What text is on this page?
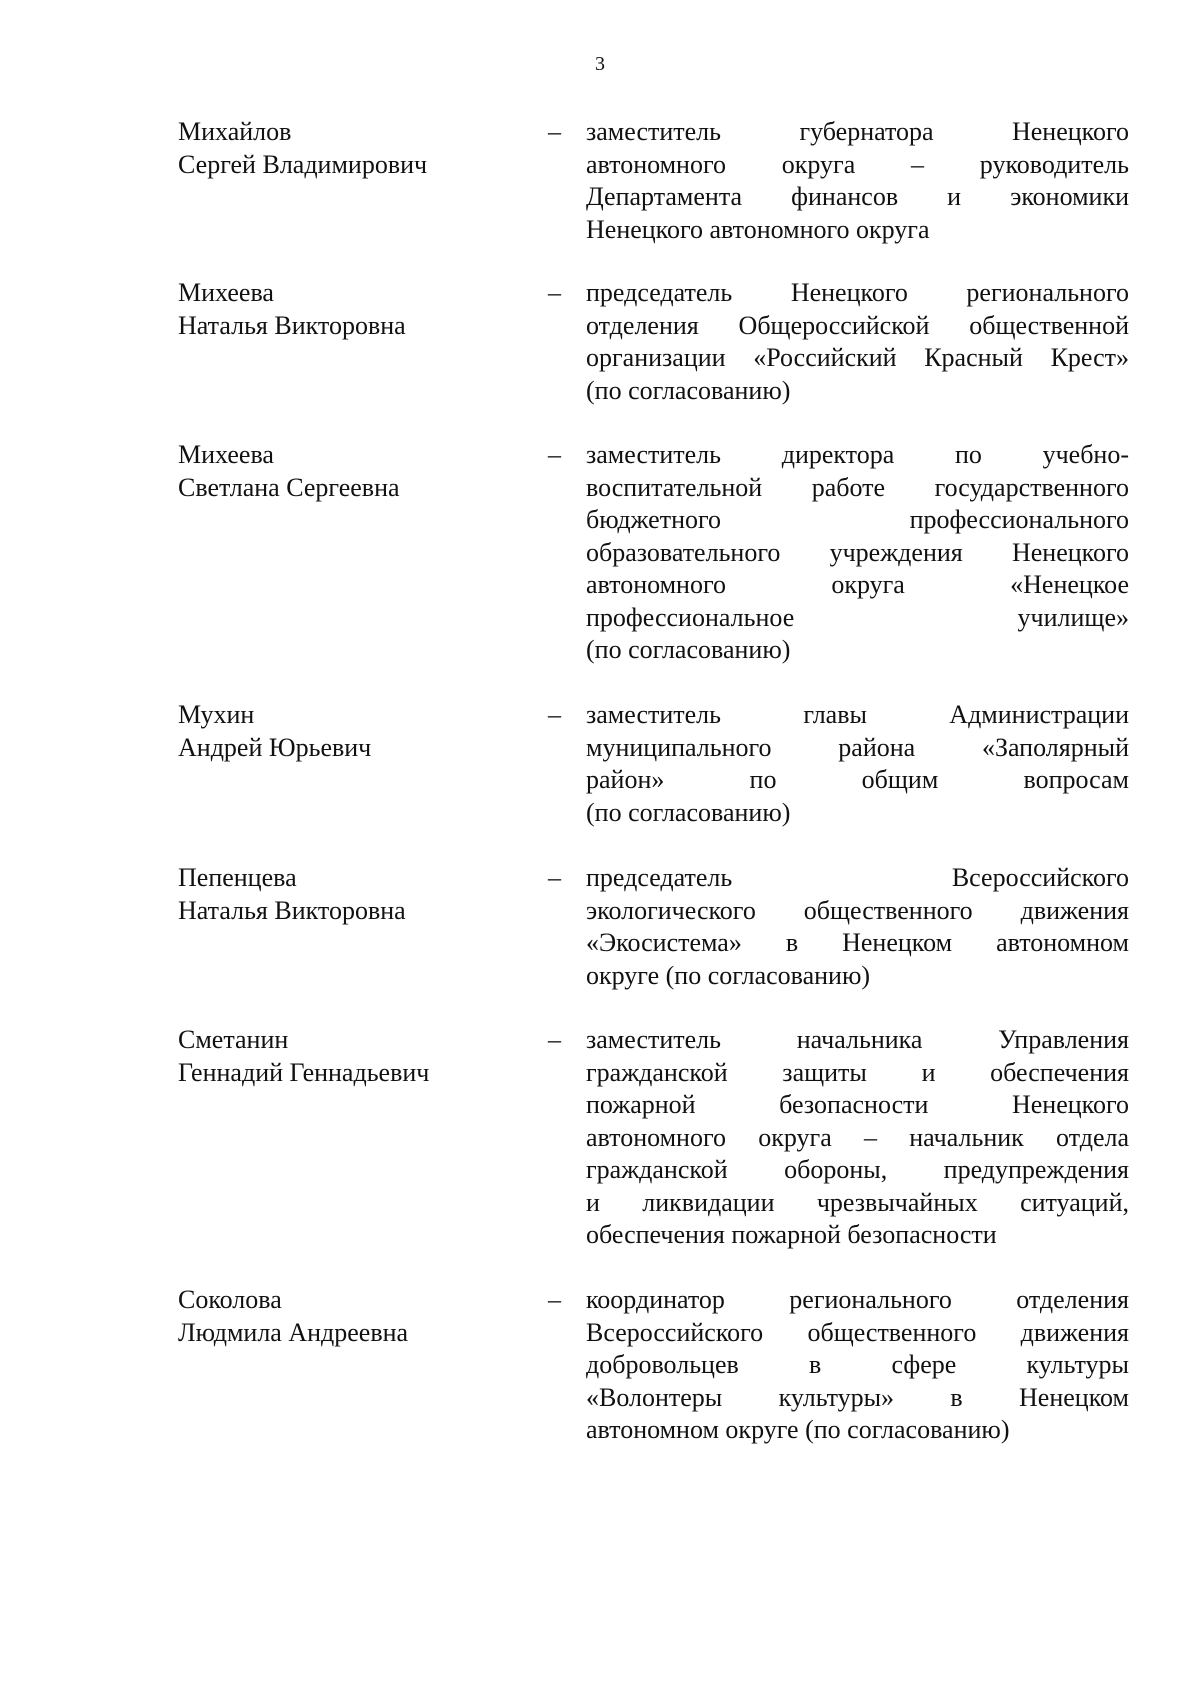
3
Михайлов
Сергей Владимирович
– заместитель губернатора Ненецкого
автономного округа – руководитель
Департамента финансов и экономики
Ненецкого автономного округа
Михеева
Наталья Викторовна
– председатель Ненецкого регионального
отделения Общероссийской общественной
организации «Российский Красный Крест»
(по согласованию)
Михеева
Светлана Сергеевна
– заместитель директора по учебно-
воспитательной работе государственного
бюджетного профессионального
образовательного учреждения Ненецкого
автономного округа «Ненецкое
профессиональное училище»
(по согласованию)
Мухин
Андрей Юрьевич
– заместитель главы Администрации
муниципального района «Заполярный
район» по общим вопросам
(по согласованию)
Пепенцева
Наталья Викторовна
– председатель Всероссийского
экологического общественного движения
«Экосистема» в Ненецком автономном
округе (по согласованию)
Сметанин
Геннадий Геннадьевич
– заместитель начальника Управления
гражданской защиты и обеспечения
пожарной безопасности Ненецкого
автономного округа – начальник отдела
гражданской обороны, предупреждения
и ликвидации чрезвычайных ситуаций,
обеспечения пожарной безопасности
Соколова
Людмила Андреевна
– координатор регионального отделения
Всероссийского общественного движения
добровольцев в сфере культуры
«Волонтеры культуры» в Ненецком
автономном округе (по согласованию)
